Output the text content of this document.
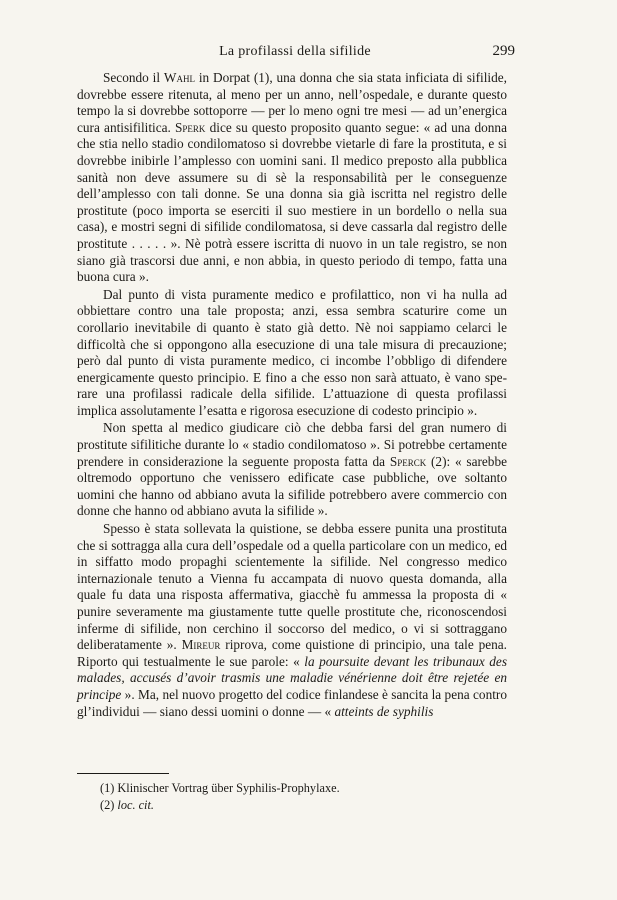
La profilassi della sifilide	299

Secondo il Wahl in Dorpat (1), una donna che sia stata inficiata di sifilide, dovrebbe essere ritenuta, al meno per un anno, nell’ospedale, e durante questo tempo la si dovrebbe sottoporre — per lo meno ogni tre mesi — ad un’energica cura antisifilitica. Sperk dice su questo proposito quanto segue: « ad una donna che stia nello stadio condilomatoso si dovrebbe vietarle di fare la prostituta, e si dovrebbe inibirle l’amplesso con uomini sani. Il medico preposto alla pubblica sanità non deve assumere su di sè la responsabilità per le conseguenze dell’amplesso con tali donne. Se una donna sia già iscritta nel registro delle prostitute (poco importa se eserciti il suo mestiere in un bordello o nella sua casa), e mostri segni di sifilide condilomatosa, si deve cassarla dal registro delle prostitute . . . . . ». Nè potrà essere iscritta di nuovo in un tale registro, se non siano già trascorsi due anni, e non abbia, in questo periodo di tempo, fatta una buona cura ».

Dal punto di vista puramente medico e profilattico, non vi ha nulla ad obbiettare contro una tale proposta; anzi, essa sembra scaturire come un corollario inevitabile di quanto è stato già detto. Nè noi sappiamo celarci le difficoltà che si oppongono alla esecuzione di una tale misura di precauzione; però dal punto di vista puramente medico, ci incombe l’obbligo di difendere energicamente questo principio. E fino a che esso non sarà attuato, è vano sperare una profilassi radicale della sifilide. L’attuazione di questa profilassi implica assolutamente l’esatta e rigorosa esecuzione di codesto principio ».

Non spetta al medico giudicare ciò che debba farsi del gran numero di prostitute sifilitiche durante lo « stadio condilomatoso ». Si potrebbe certamente prendere in considerazione la seguente proposta fatta da Sperck (2): « sarebbe oltremodo opportuno che venissero edificate case pubbliche, ove soltanto uomini che hanno od abbiano avuta la sifilide potrebbero avere commercio con donne che hanno od abbiano avuta la sifilide ».

Spesso è stata sollevata la quistione, se debba essere punita una prostituta che si sottragga alla cura dell’ospedale od a quella particolare con un medico, ed in siffatto modo propaghi scientemente la sifilide. Nel congresso medico internazionale tenuto a Vienna fu accampata di nuovo questa domanda, alla quale fu data una risposta affermativa, giacchè fu ammessa la proposta di « punire severamente ma giustamente tutte quelle prostitute che, riconoscendosi inferme di sifilide, non cerchino il soccorso del medico, o vi si sottraggano deliberatamente ». Mireur riprova, come quistione di principio, una tale pena. Riporto qui testualmente le sue parole: « la poursuite devant les tribunaux des malades, accusés d’avoir trasmis une maladie vénérienne doit être rejetée en principe ». Ma, nel nuovo progetto del codice finlandese è sancita la pena contro gl’individui — siano dessi uomini o donne — « atteints de syphilis

(1) Klinischer Vortrag über Syphilis-Prophylaxe.
(2) loc. cit.
